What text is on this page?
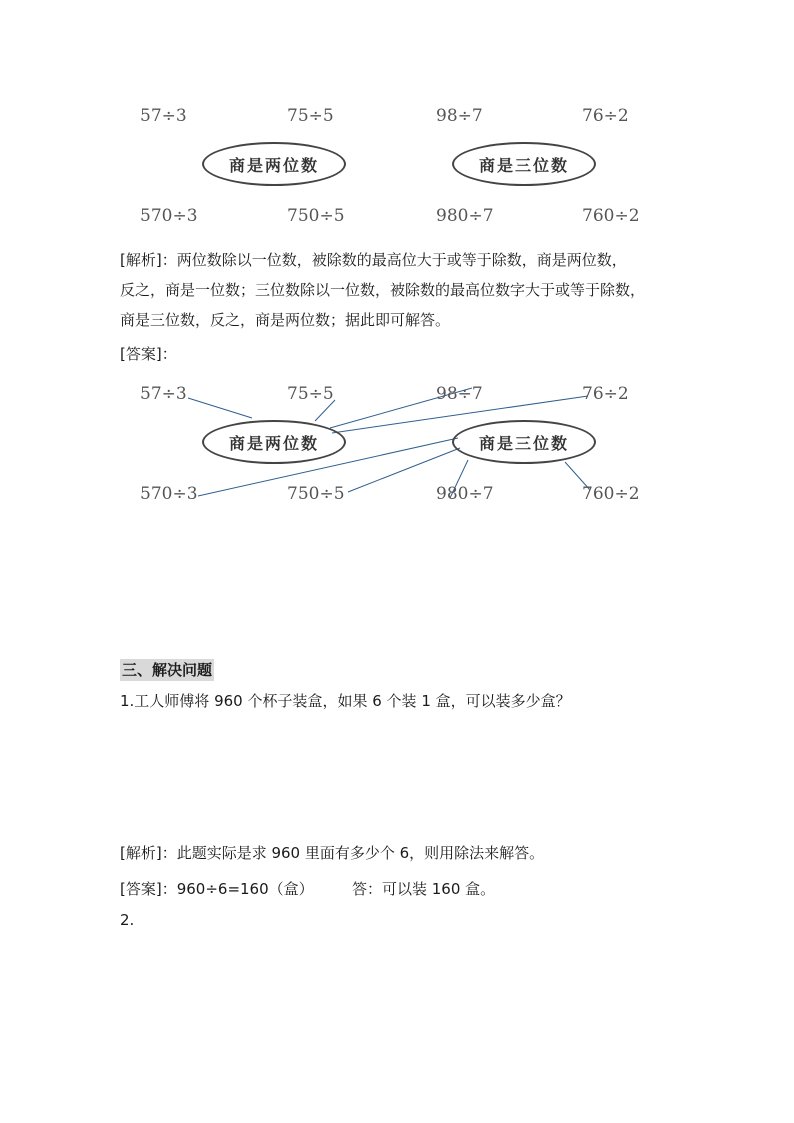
57÷3	75÷5	98÷7	76÷2
商是两位数	商是三位数
570÷3	750÷5	980÷7	760÷2
[解析]：两位数除以一位数，被除数的最高位大于或等于除数，商是两位数，
反之，商是一位数；三位数除以一位数，被除数的最高位数字大于或等于除数，
商是三位数，反之，商是两位数；据此即可解答。
[答案]：
57÷3	75÷5	98÷7	76÷2
商是两位数	商是三位数
570÷3	750÷5	980÷7	760÷2
三、解决问题
1.工人师傅将 960 个杯子装盒，如果 6 个装 1 盒，可以装多少盒？
[解析]：此题实际是求 960 里面有多少个 6，则用除法来解答。
[答案]：960÷6=160（盒）	答：可以装 160 盒。
2.
